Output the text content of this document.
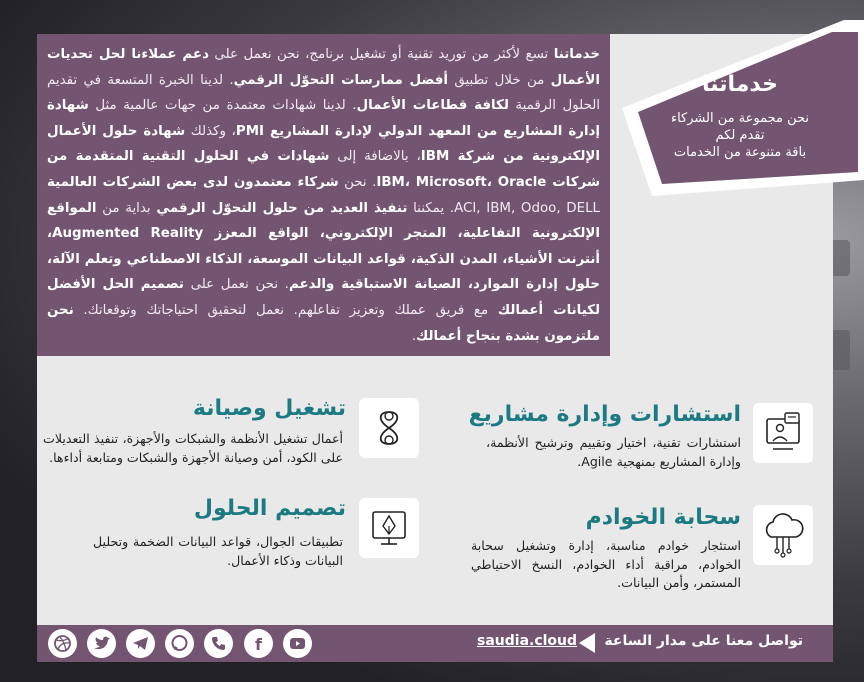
خدماتنا تسع لأكثر من توريد تقنية أو تشغيل برنامج، نحن نعمل على دعم عملاءنا لحل تحديات الأعمال من خلال تطبيق أفضل ممارسات التحوّل الرقمي. لدينا الخبرة المتسعة في تقديم الحلول الرقمية لكافة قطاعات الأعمال. لدينا شهادات معتمدة من جهات عالمية مثل شهادة إدارة المشاريع من المعهد الدولي لإدارة المشاريع PMI، وكذلك شهادة حلول الأعمال الإلكترونية من شركة IBM، بالاضافة إلى شهادات في الحلول التقنية المتقدمة من شركات IBM، Microsoft، Oracle. نحن شركاء معتمدون لدى بعض الشركات العالمية ACI, IBM, Odoo, DELL. يمكننا تنفيذ العديد من حلول التحوّل الرقمي بداية من المواقع الإلكترونية التفاعلية، المتجر الإلكتروني، الواقع المعزز Augmented Reality، أنترنت الأشياء، المدن الذكية، قواعد البيانات الموسعة، الذكاء الاصطناعي وتعلم الآلة، حلول إدارة الموارد، الصيانة الاستباقية والدعم. نحن نعمل على تصميم الحل الأفضل لكيانات أعمالك مع فريق عملك وتعزيز تفاعلهم. نعمل لتحقيق احتياجاتك وتوقعاتك. نحن ملتزمون بشدة بنجاح أعمالك.
خدماتنا
نحن مجموعة من الشركاء
تقدم لكم
باقة متنوعة من الخدمات
استشارات وإدارة مشاريع
استشارات تقنية، اختيار وتقييم وترشيح الأنظمة، وإدارة المشاريع بمنهجية Agile.
تشغيل وصيانة
أعمال تشغيل الأنظمة والشبكات والأجهزة، تنفيذ التعديلات على الكود، أمن وصيانة الأجهزة والشبكات ومتابعة أداءها.
سحابة الخوادم
استئجار خوادم مناسبة، إدارة وتشغيل سحابة الخوادم، مراقبة أداء الخوادم، النسخ الاحتياطي المستمر، وأمن البيانات.
تصميم الحلول
تطبيقات الجوال، قواعد البيانات الضخمة وتحليل البيانات وذكاء الأعمال.
تواصل معنا على مدار الساعة
saudia.cloud
f
